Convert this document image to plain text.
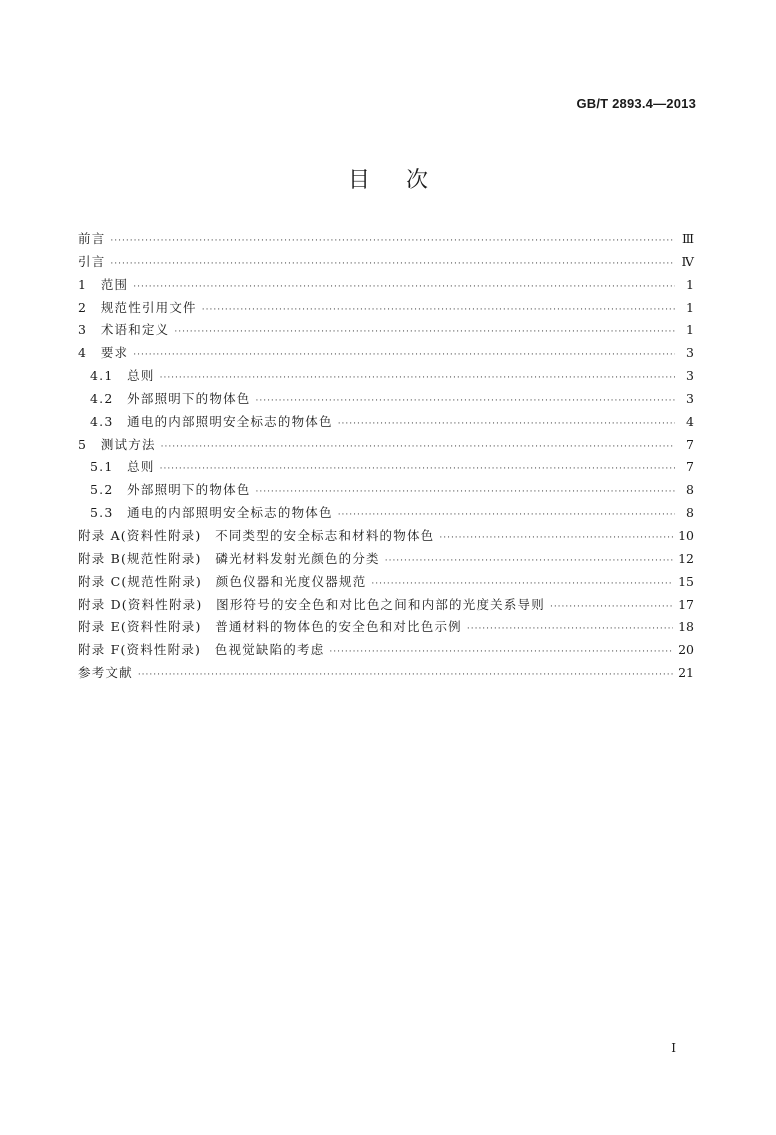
GB/T 2893.4—2013
目次
前言 ·····	Ⅲ
引言 ·····	Ⅳ
1　范围 ·····	1
2　规范性引用文件 ·····	1
3　术语和定义 ·····	1
4　要求 ·····	3
4.1　总则 ·····	3
4.2　外部照明下的物体色 ·····	3
4.3　通电的内部照明安全标志的物体色 ·····	4
5　测试方法 ·····	7
5.1　总则 ·····	7
5.2　外部照明下的物体色 ·····	8
5.3　通电的内部照明安全标志的物体色 ·····	8
附录 A(资料性附录)　不同类型的安全标志和材料的物体色 ·····	10
附录 B(规范性附录)　磷光材料发射光颜色的分类 ·····	12
附录 C(规范性附录)　颜色仪器和光度仪器规范 ·····	15
附录 D(资料性附录)　图形符号的安全色和对比色之间和内部的光度关系导则 ·····	17
附录 E(资料性附录)　普通材料的物体色的安全色和对比色示例 ·····	18
附录 F(资料性附录)　色视觉缺陷的考虑 ·····	20
参考文献 ·····	21
Ⅰ
